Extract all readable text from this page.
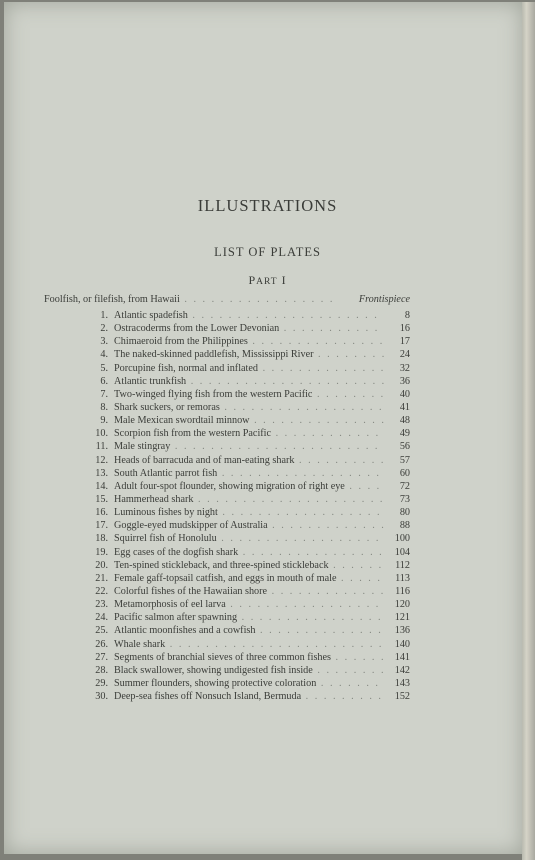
ILLUSTRATIONS
LIST OF PLATES
PART I
Foolfish, or filefish, from Hawaii . . .	Frontispiece
1. Atlantic spadefish . . .	8
2. Ostracoderms from the Lower Devonian . . .	16
3. Chimaeroid from the Philippines . . .	17
4. The naked-skinned paddlefish, Mississippi River . . .	24
5. Porcupine fish, normal and inflated . . .	32
6. Atlantic trunkfish . . .	36
7. Two-winged flying fish from the western Pacific . . .	40
8. Shark suckers, or remoras . . .	41
9. Male Mexican swordtail minnow . . .	48
10. Scorpion fish from the western Pacific . . .	49
11. Male stingray . . .	56
12. Heads of barracuda and of man-eating shark . . .	57
13. South Atlantic parrot fish . . .	60
14. Adult four-spot flounder, showing migration of right eye . . .	72
15. Hammerhead shark . . .	73
16. Luminous fishes by night . . .	80
17. Goggle-eyed mudskipper of Australia . . .	88
18. Squirrel fish of Honolulu . . .	100
19. Egg cases of the dogfish shark . . .	104
20. Ten-spined stickleback, and three-spined stickleback . . .	112
21. Female gaff-topsail catfish, and eggs in mouth of male . . .	113
22. Colorful fishes of the Hawaiian shore . . .	116
23. Metamorphosis of eel larva . . .	120
24. Pacific salmon after spawning . . .	121
25. Atlantic moonfishes and a cowfish . . .	136
26. Whale shark . . .	140
27. Segments of branchial sieves of three common fishes . . .	141
28. Black swallower, showing undigested fish inside . . .	142
29. Summer flounders, showing protective coloration . . .	143
30. Deep-sea fishes off Nonsuch Island, Bermuda . . .	152
